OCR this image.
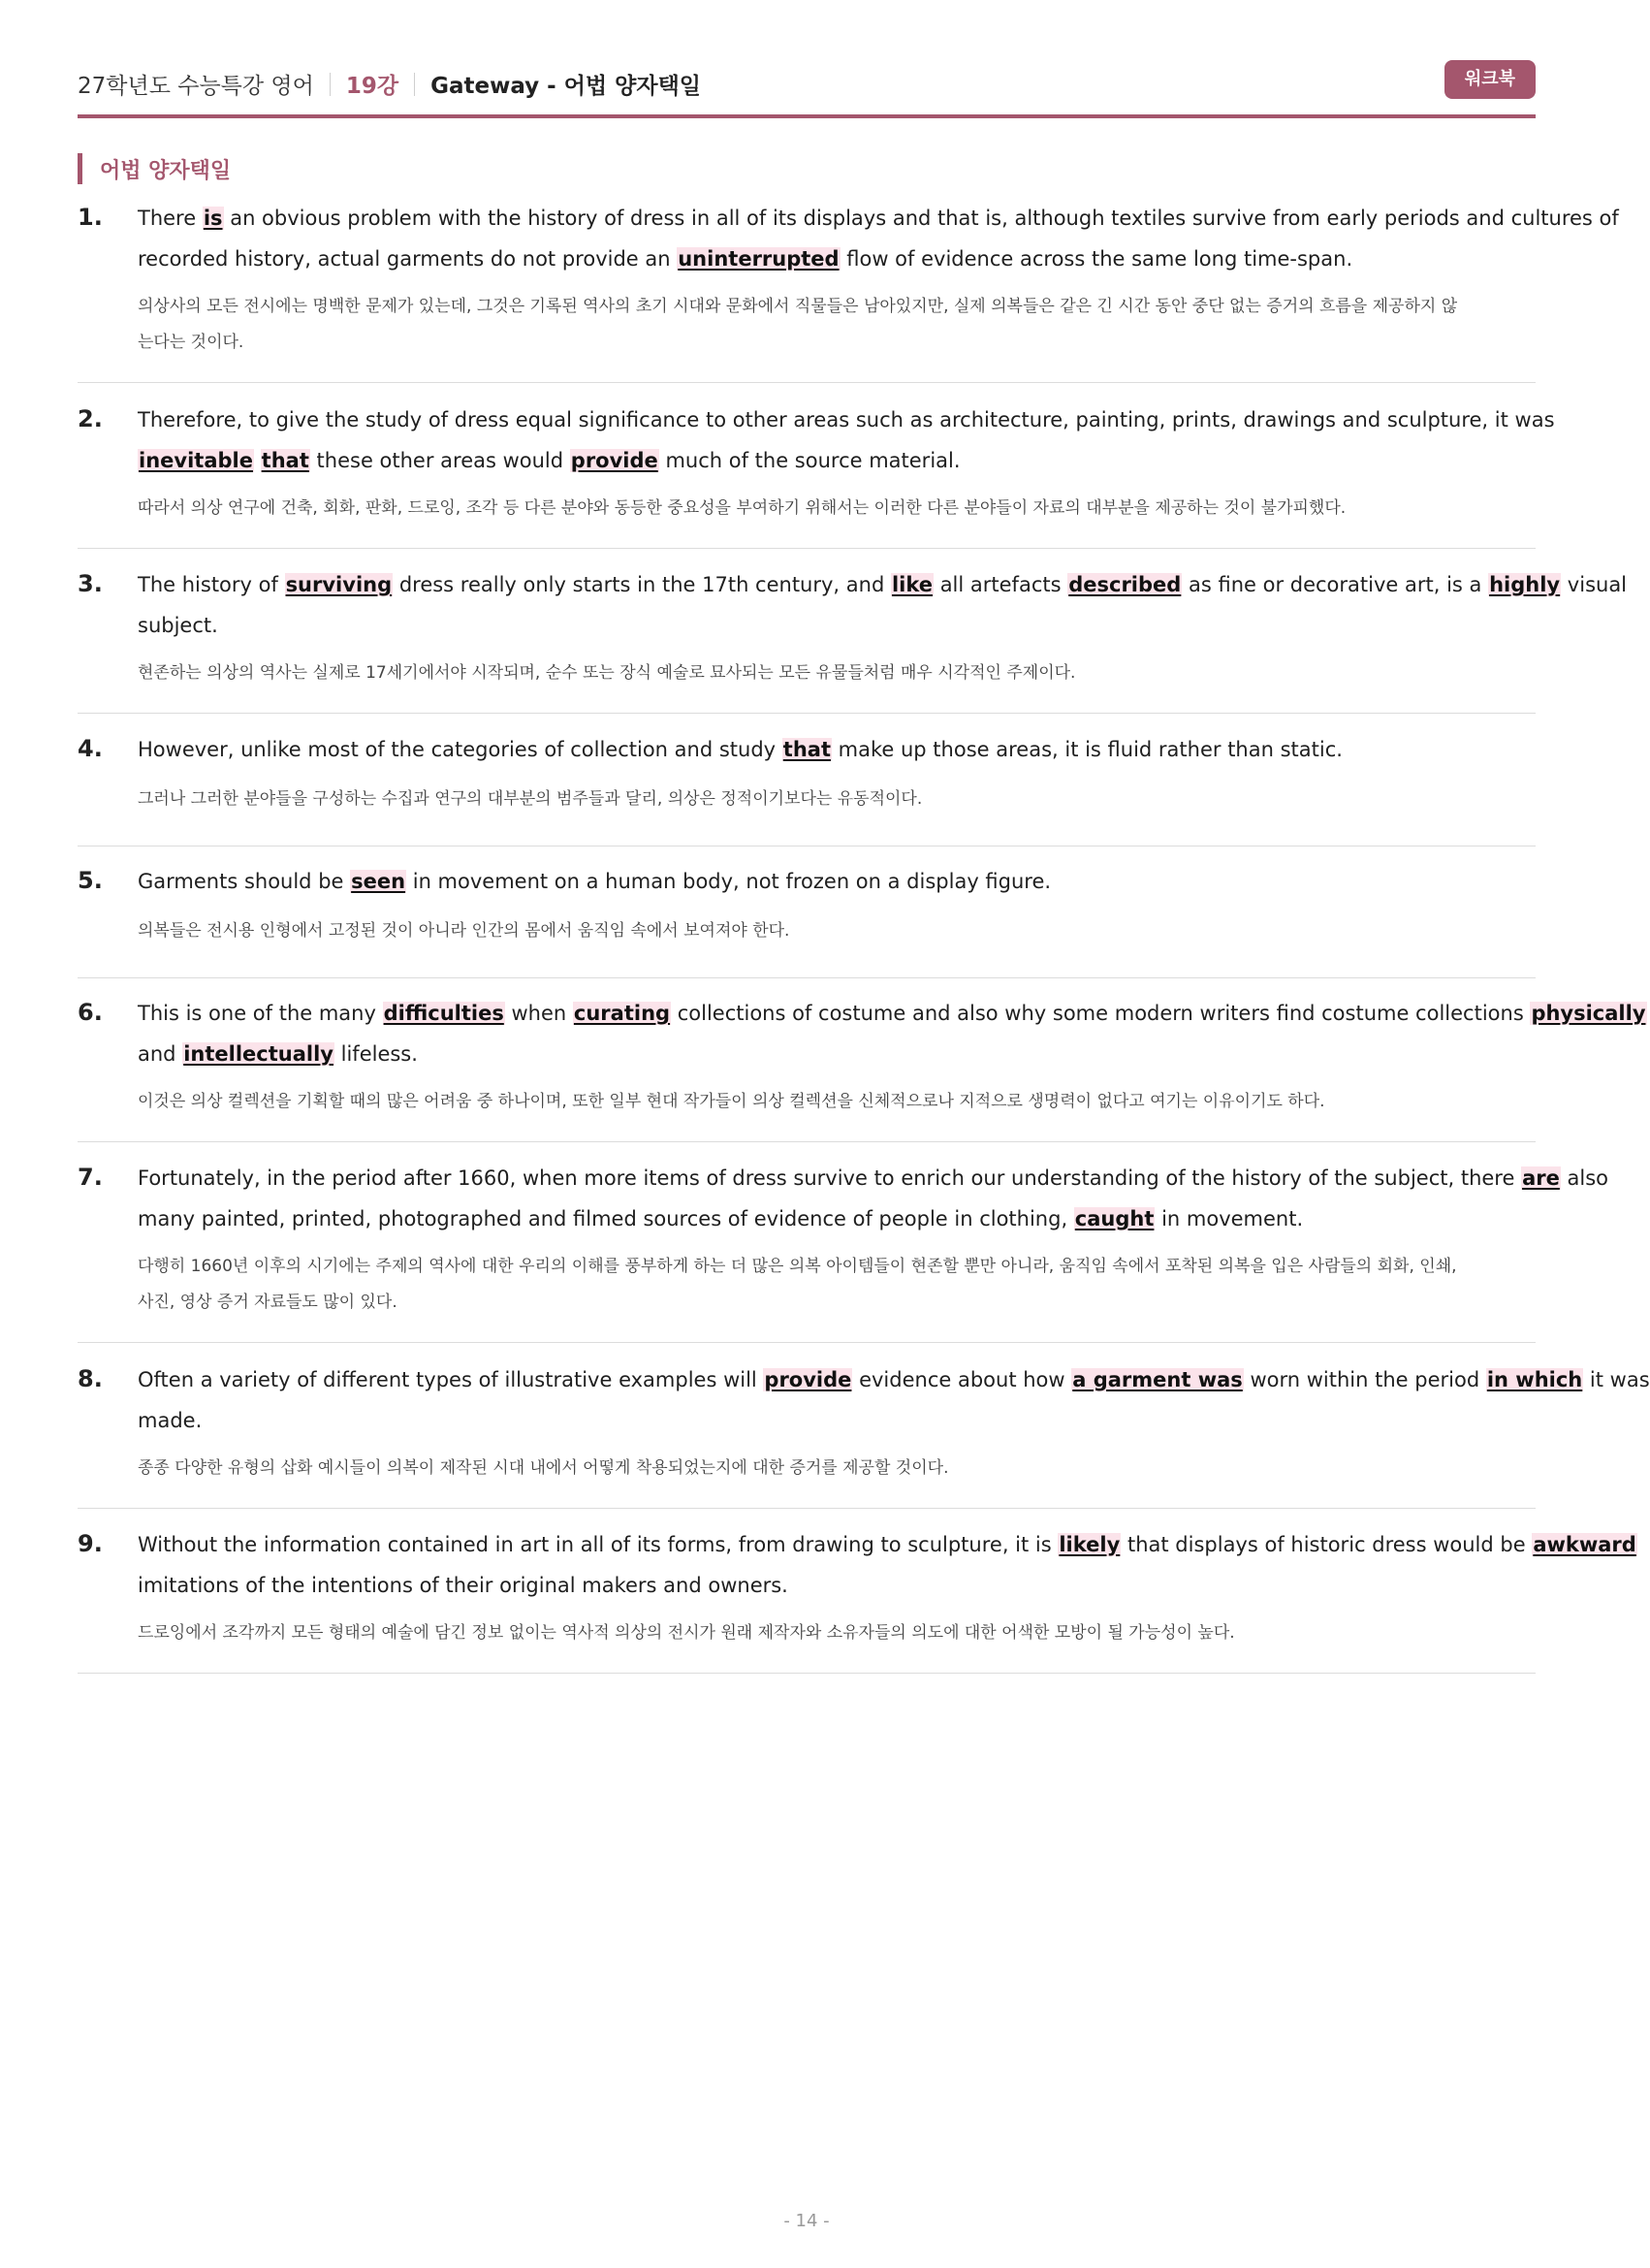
27학년도 수능특강 영어 19강 Gateway - 어법 양자택일	워크북
어법 양자택일
1. There is an obvious problem with the history of dress in all of its displays and that is, although textiles survive from early periods and cultures of
recorded history, actual garments do not provide an uninterrupted flow of evidence across the same long time-span.
의상사의 모든 전시에는 명백한 문제가 있는데, 그것은 기록된 역사의 초기 시대와 문화에서 직물들은 남아있지만, 실제 의복들은 같은 긴 시간 동안 중단 없는 증거의 흐름을 제공하지 않
는다는 것이다.
2. Therefore, to give the study of dress equal significance to other areas such as architecture, painting, prints, drawings and sculpture, it was
inevitable that these other areas would provide much of the source material.
따라서 의상 연구에 건축, 회화, 판화, 드로잉, 조각 등 다른 분야와 동등한 중요성을 부여하기 위해서는 이러한 다른 분야들이 자료의 대부분을 제공하는 것이 불가피했다.
3. The history of surviving dress really only starts in the 17th century, and like all artefacts described as fine or decorative art, is a highly visual
subject.
현존하는 의상의 역사는 실제로 17세기에서야 시작되며, 순수 또는 장식 예술로 묘사되는 모든 유물들처럼 매우 시각적인 주제이다.
4. However, unlike most of the categories of collection and study that make up those areas, it is fluid rather than static.
그러나 그러한 분야들을 구성하는 수집과 연구의 대부분의 범주들과 달리, 의상은 정적이기보다는 유동적이다.
5. Garments should be seen in movement on a human body, not frozen on a display figure.
의복들은 전시용 인형에서 고정된 것이 아니라 인간의 몸에서 움직임 속에서 보여져야 한다.
6. This is one of the many difficulties when curating collections of costume and also why some modern writers find costume collections physically
and intellectually lifeless.
이것은 의상 컬렉션을 기획할 때의 많은 어려움 중 하나이며, 또한 일부 현대 작가들이 의상 컬렉션을 신체적으로나 지적으로 생명력이 없다고 여기는 이유이기도 하다.
7. Fortunately, in the period after 1660, when more items of dress survive to enrich our understanding of the history of the subject, there are also
many painted, printed, photographed and filmed sources of evidence of people in clothing, caught in movement.
다행히 1660년 이후의 시기에는 주제의 역사에 대한 우리의 이해를 풍부하게 하는 더 많은 의복 아이템들이 현존할 뿐만 아니라, 움직임 속에서 포착된 의복을 입은 사람들의 회화, 인쇄,
사진, 영상 증거 자료들도 많이 있다.
8. Often a variety of different types of illustrative examples will provide evidence about how a garment was worn within the period in which it was
made.
종종 다양한 유형의 삽화 예시들이 의복이 제작된 시대 내에서 어떻게 착용되었는지에 대한 증거를 제공할 것이다.
9. Without the information contained in art in all of its forms, from drawing to sculpture, it is likely that displays of historic dress would be awkward
imitations of the intentions of their original makers and owners.
드로잉에서 조각까지 모든 형태의 예술에 담긴 정보 없이는 역사적 의상의 전시가 원래 제작자와 소유자들의 의도에 대한 어색한 모방이 될 가능성이 높다.
- 14 -
